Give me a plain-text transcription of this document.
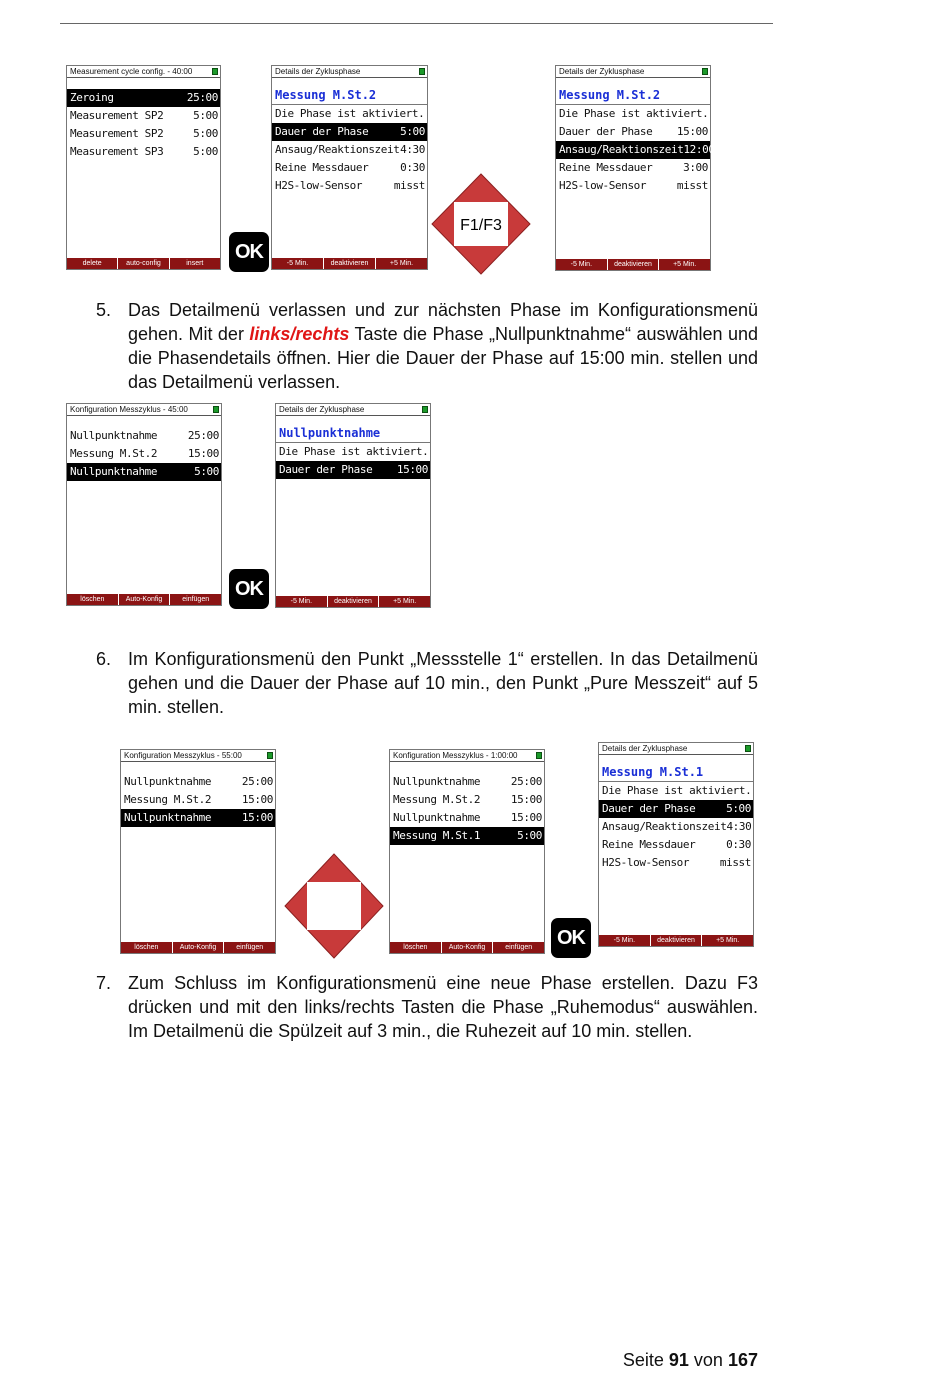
Measurement cycle config. - 40:00
Zeroing	25:00
Measurement SP2	5:00
Measurement SP2	5:00
Measurement SP3	5:00
delete	auto-config	insert
OK
Details der Zyklusphase
Messung M.St.2
Die Phase ist aktiviert.
Dauer der Phase	5:00
Ansaug/Reaktionszeit 4:30
Reine Messdauer	0:30
H2S-low-Sensor	misst
-5 Min.	deaktivieren	+5 Min.
F1/F3
Details der Zyklusphase
Messung M.St.2
Die Phase ist aktiviert.
Dauer der Phase 15:00
Ansaug/Reaktionszeit 12:00
Reine Messdauer	3:00
H2S-low-Sensor	misst
-5 Min.	deaktivieren	+5 Min.
5. Das Detailmenü verlassen und zur nächsten Phase im Konfigurationsmenü gehen. Mit der links/rechts Taste die Phase „Nullpunktnahme“ auswählen und die Phasendetails öffnen. Hier die Dauer der Phase auf 15:00 min. stellen und das Detailmenü verlassen.
Konfiguration Messzyklus - 45:00
Nullpunktnahme	25:00
Messung M.St.2	15:00
Nullpunktnahme	5:00
löschen	Auto-Konfig	einfügen	OK
Details der Zyklusphase
Nullpunktnahme
Die Phase ist aktiviert.
Dauer der Phase 15:00
-5 Min.	deaktivieren	+5 Min.
6. Im Konfigurationsmenü den Punkt „Messstelle 1“ erstellen. In das Detailmenü gehen und die Dauer der Phase auf 10 min., den Punkt „Pure Messzeit“ auf 5 min. stellen.
Konfiguration Messzyklus - 55:00
Nullpunktnahme	25:00
Messung M.St.2	15:00
Nullpunktnahme	15:00
löschen	Auto-Konfig	einfügen
Konfiguration Messzyklus - 1:00:00
Nullpunktnahme	25:00
Messung M.St.2	15:00
Nullpunktnahme	15:00
Messung M.St.1	5:00
löschen	Auto-Konfig	einfügen	OK
Details der Zyklusphase
Messung M.St.1
Die Phase ist aktiviert.
Dauer der Phase	5:00
Ansaug/Reaktionszeit 4:30
Reine Messdauer	0:30
H2S-low-Sensor	misst
-5 Min.	deaktivieren	+5 Min.
7. Zum Schluss im Konfigurationsmenü eine neue Phase erstellen. Dazu F3 drücken und mit den links/rechts Tasten die Phase „Ruhemodus“ auswählen. Im Detailmenü die Spülzeit auf 3 min., die Ruhezeit auf 10 min. stellen.
Seite 91 von 167
